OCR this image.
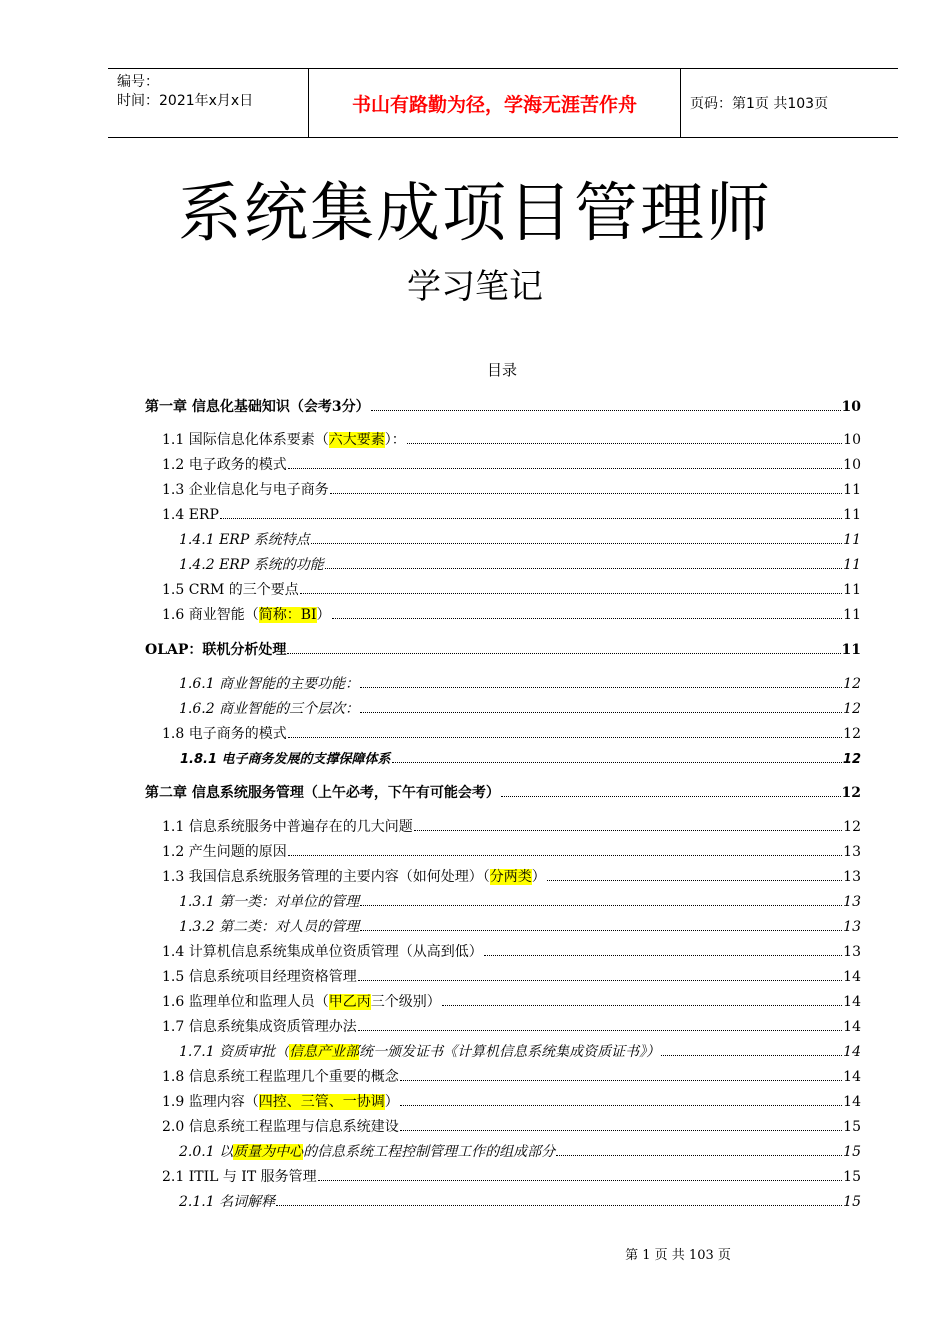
编号：
时间：2021年x月x日	书山有路勤为径，学海无涯苦作舟	页码：第1页 共103页
系统集成项目管理师
学习笔记
目录
第一章 信息化基础知识（会考3分）	10
1.1 国际信息化体系要素（六大要素）：	10
1.2 电子政务的模式	10
1.3 企业信息化与电子商务	11
1.4 ERP	11
1.4.1 ERP 系统特点	11
1.4.2 ERP 系统的功能	11
1.5 CRM 的三个要点	11
1.6 商业智能（简称：BI）	11
OLAP：联机分析处理	11
1.6.1 商业智能的主要功能：	12
1.6.2 商业智能的三个层次：	12
1.8 电子商务的模式	12
1.8.1 电子商务发展的支撑保障体系	12
第二章 信息系统服务管理（上午必考，下午有可能会考）	12
1.1 信息系统服务中普遍存在的几大问题	12
1.2 产生问题的原因	13
1.3 我国信息系统服务管理的主要内容（如何处理）（分两类）	13
1.3.1 第一类：对单位的管理	13
1.3.2 第二类：对人员的管理	13
1.4 计算机信息系统集成单位资质管理（从高到低）	13
1.5 信息系统项目经理资格管理	14
1.6 监理单位和监理人员（甲乙丙三个级别）	14
1.7 信息系统集成资质管理办法	14
1.7.1 资质审批（信息产业部统一颁发证书《计算机信息系统集成资质证书》）	14
1.8 信息系统工程监理几个重要的概念	14
1.9 监理内容（四控、三管、一协调）	14
2.0 信息系统工程监理与信息系统建设	15
2.0.1 以质量为中心的信息系统工程控制管理工作的组成部分	15
2.1 ITIL 与 IT 服务管理	15
2.1.1 名词解释	15
第 1 页 共 103 页
